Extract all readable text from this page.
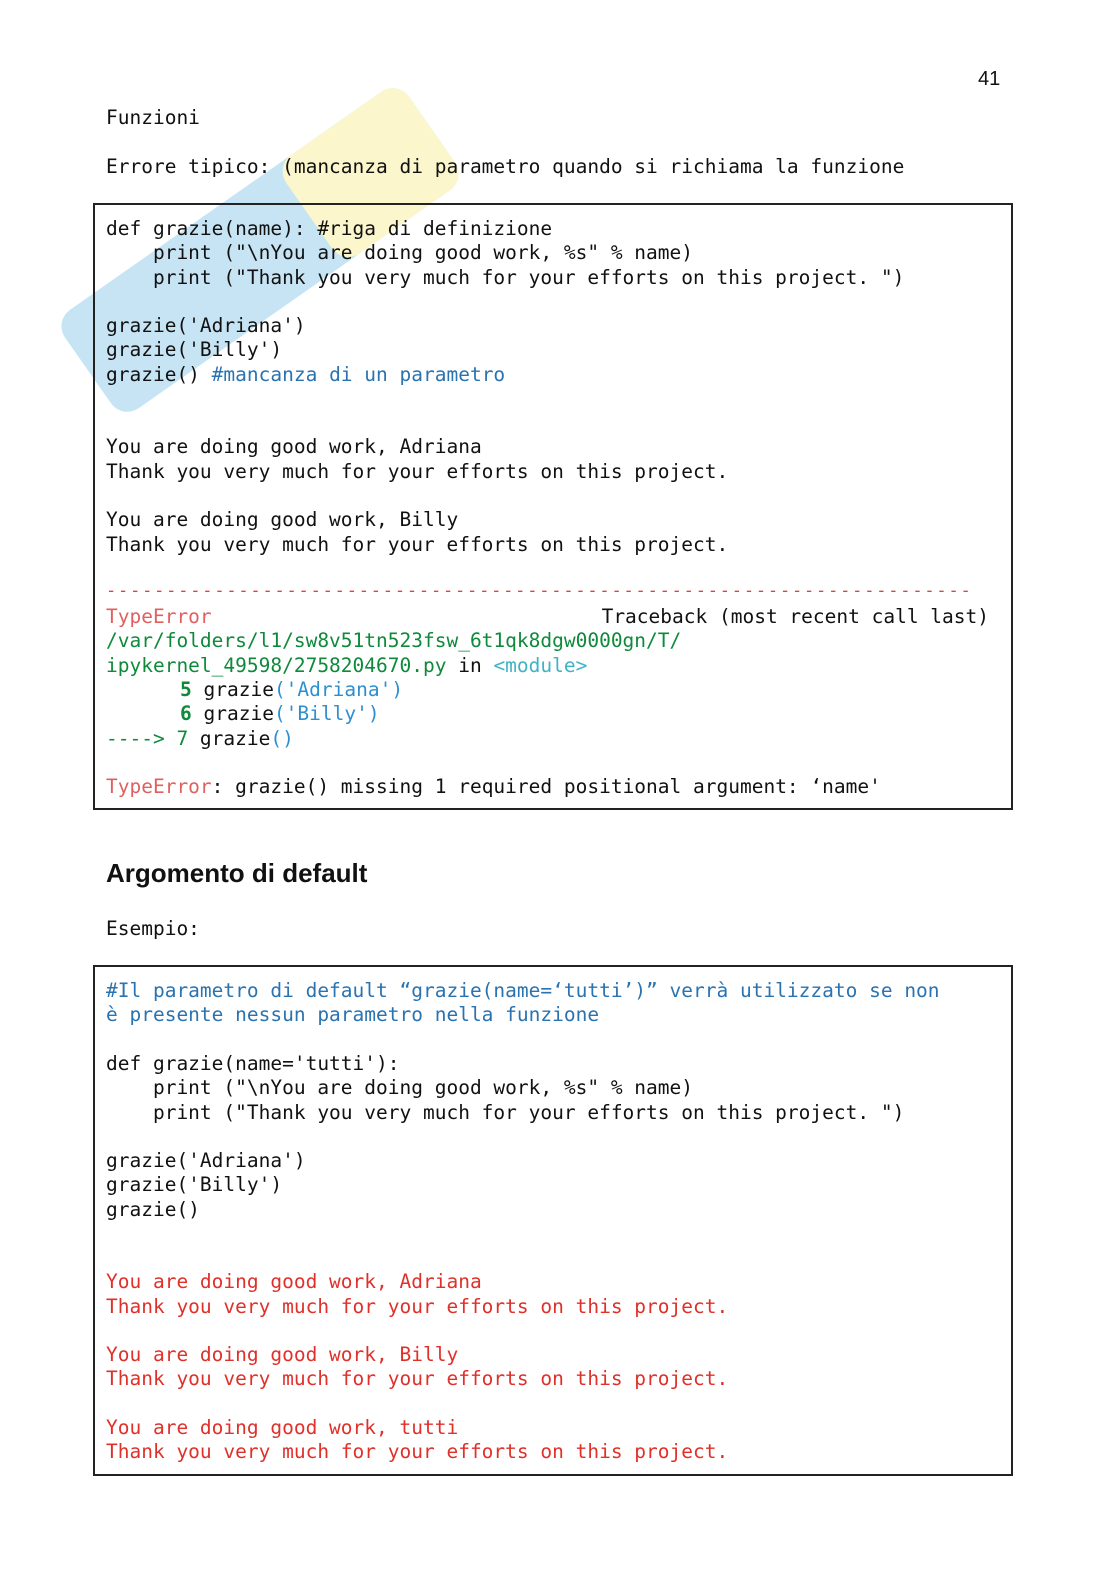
41

Funzioni

Errore tipico: (mancanza di parametro quando si richiama la funzione

def grazie(name): #riga di definizione

print ("\nYou are doing good work, %s" % name)

print ("Thank you very much for your efforts on this project. ")

grazie('Adriana')

grazie('Billy')

grazie() #mancanza di un parametro

You are doing good work, Adriana

Thank you very much for your efforts on this project.

You are doing good work, Billy

Thank you very much for your efforts on this project.

------------------------------------------------------------------------

TypeError	Traceback (most recent call last)

/var/folders/l1/sw8v51tn523fsw_6t1qk8dgw0000gn/T/

ipykernel_49598/2758204670.py in <module>

5 grazie('Adriana')

6 grazie('Billy')

----> 7 grazie()

TypeError: grazie() missing 1 required positional argument: ‘name'

Argomento di default

Esempio:

#Il parametro di default “grazie(name=‘tutti’)” verrà utilizzato se non

è presente nessun parametro nella funzione

def grazie(name='tutti'):

print ("\nYou are doing good work, %s" % name)

print ("Thank you very much for your efforts on this project. ")

grazie('Adriana')

grazie('Billy')

grazie()

You are doing good work, Adriana

Thank you very much for your efforts on this project.

You are doing good work, Billy

Thank you very much for your efforts on this project.

You are doing good work, tutti

Thank you very much for your efforts on this project.
